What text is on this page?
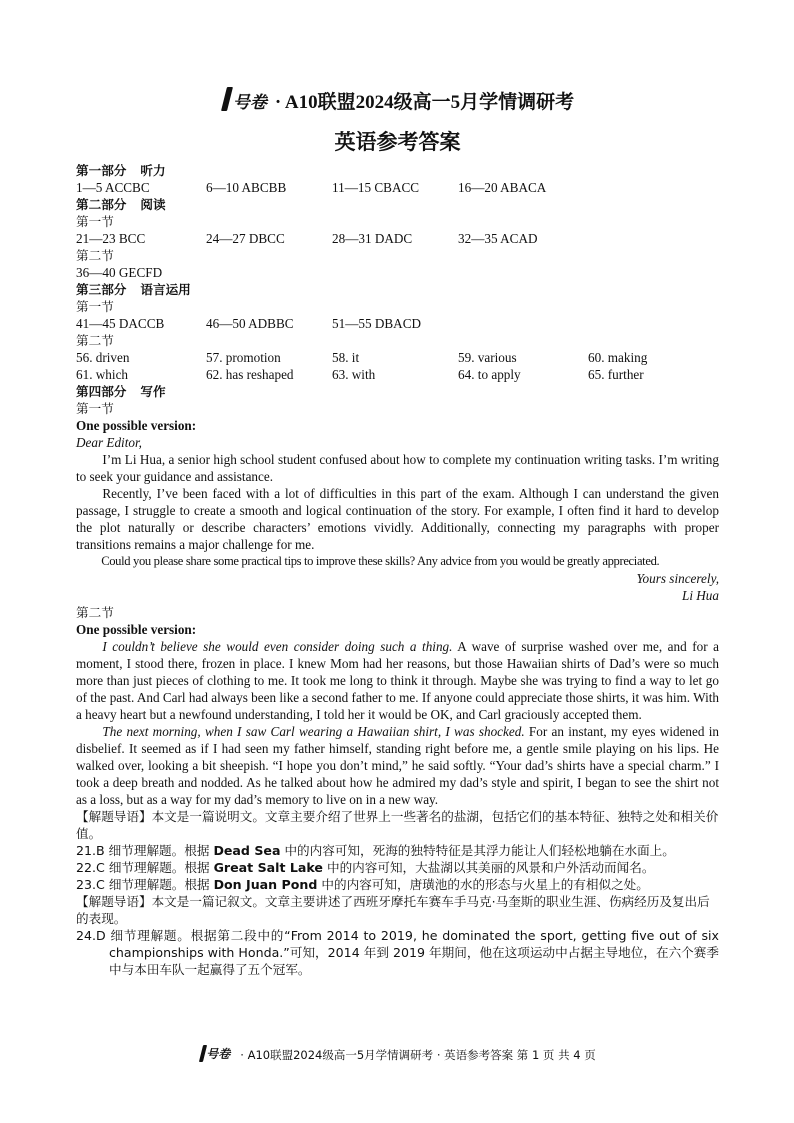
号卷 · A10联盟2024级高一5月学情调研考
英语参考答案
第一部分 听力
1—5 ACCBC	6—10 ABCBB	11—15 CBACC	16—20 ABACA
第二部分 阅读
第一节
21—23 BCC	24—27 DBCC	28—31 DADC	32—35 ACAD
第二节
36—40 GECFD
第三部分 语言运用
第一节
41—45 DACCB	46—50 ADBBC	51—55 DBACD
第二节
56. driven	57. promotion	58. it	59. various	60. making
61. which	62. has reshaped	63. with	64. to apply	65. further
第四部分 写作
第一节
One possible version:
Dear Editor,

I’m Li Hua, a senior high school student confused about how to complete my continuation writing tasks. I’m writing to seek your guidance and assistance.

Recently, I’ve been faced with a lot of difficulties in this part of the exam. Although I can understand the given passage, I struggle to create a smooth and logical continuation of the story. For example, I often find it hard to develop the plot naturally or describe characters’ emotions vividly. Additionally, connecting my paragraphs with proper transitions remains a major challenge for me.

Could you please share some practical tips to improve these skills? Any advice from you would be greatly appreciated.

Yours sincerely,
Li Hua
第二节
One possible version:

I couldn’t believe she would even consider doing such a thing. A wave of surprise washed over me, and for a moment, I stood there, frozen in place. I knew Mom had her reasons, but those Hawaiian shirts of Dad’s were so much more than just pieces of clothing to me. It took me long to think it through. Maybe she was trying to find a way to let go of the past. And Carl had always been like a second father to me. If anyone could appreciate those shirts, it was him. With a heavy heart but a newfound understanding, I told her it would be OK, and Carl graciously accepted them.

The next morning, when I saw Carl wearing a Hawaiian shirt, I was shocked. For an instant, my eyes widened in disbelief. It seemed as if I had seen my father himself, standing right before me, a gentle smile playing on his lips. He walked over, looking a bit sheepish. “I hope you don’t mind,” he said softly. “Your dad’s shirts have a special charm.” I took a deep breath and nodded. As he talked about how he admired my dad’s style and spirit, I began to see the shirt not as a loss, but as a way for my dad’s memory to live on in a new way.

【解题导语】本文是一篇说明文。文章主要介绍了世界上一些著名的盐湖，包括它们的基本特征、独特之处和相关价值。

21.B 细节理解题。根据 Dead Sea 中的内容可知，死海的独特特征是其浮力能让人们轻松地躺在水面上。

22.C 细节理解题。根据 Great Salt Lake 中的内容可知，大盐湖以其美丽的风景和户外活动而闻名。

23.C 细节理解题。根据 Don Juan Pond 中的内容可知，唐璜池的水的形态与火星上的有相似之处。

【解题导语】本文是一篇记叙文。文章主要讲述了西班牙摩托车赛车手马克·马奎斯的职业生涯、伤病经历及复出后的表现。

24.D 细节理解题。根据第二段中的“From 2014 to 2019, he dominated the sport, getting five out of six championships with Honda.”可知，2014 年到 2019 年期间，他在这项运动中占据主导地位，在六个赛季中与本田车队一起赢得了五个冠军。

号卷 · A10联盟2024级高一5月学情调研考 · 英语参考答案 第 1 页 共 4 页
